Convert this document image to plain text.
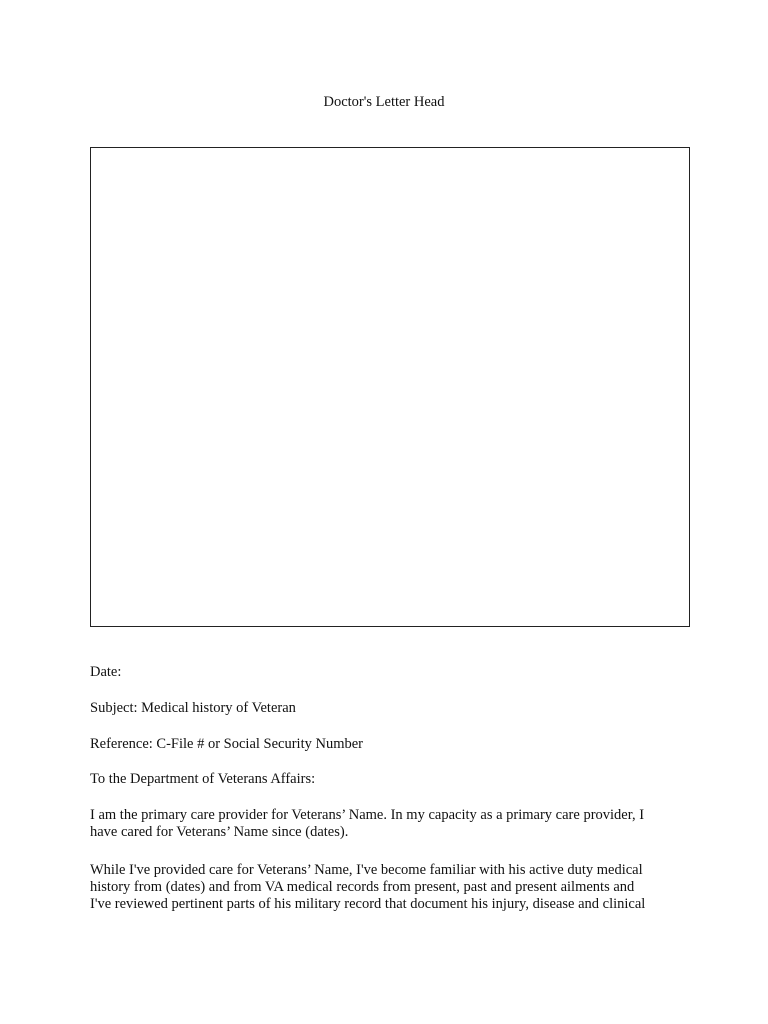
Doctor's Letter Head

Date:

Subject: Medical history of Veteran

Reference: C-File # or Social Security Number

To the Department of Veterans Affairs:

I am the primary care provider for Veterans’ Name. In my capacity as a primary care provider, I
have cared for Veterans’ Name since (dates).

While I've provided care for Veterans’ Name, I've become familiar with his active duty medical
history from (dates) and from VA medical records from present, past and present ailments and
I've reviewed pertinent parts of his military record that document his injury, disease and clinical
